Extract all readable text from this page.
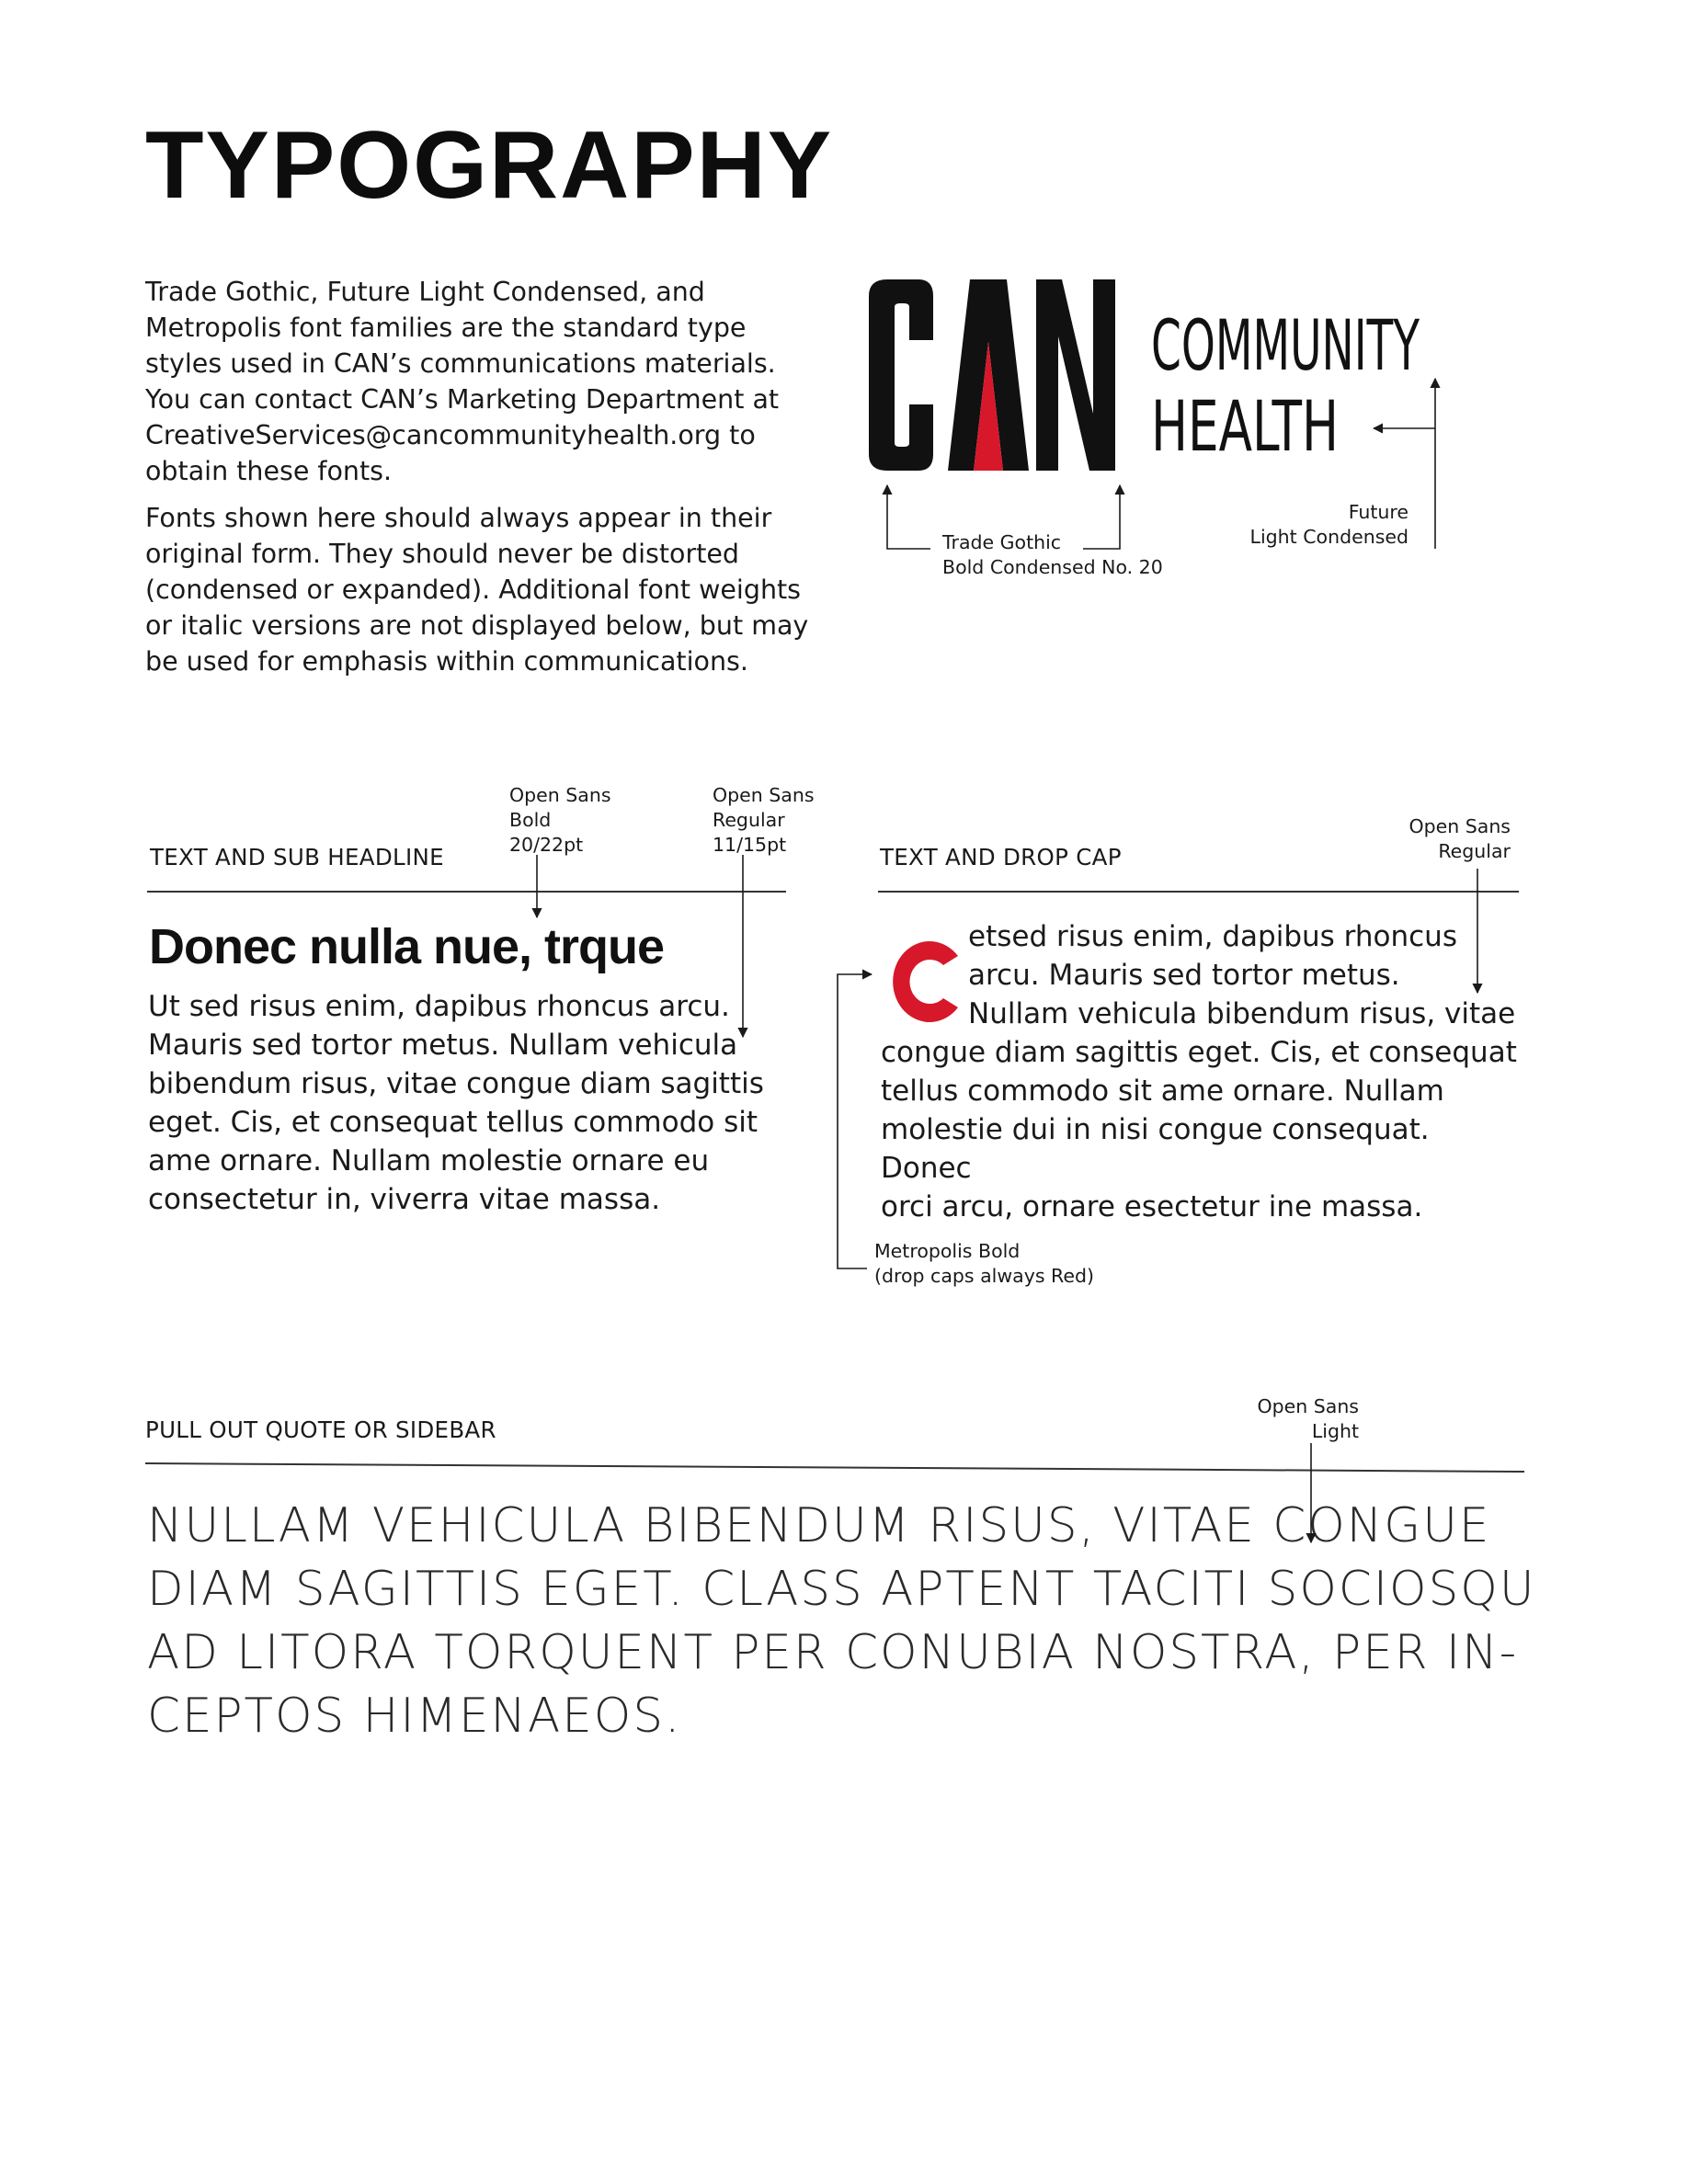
TYPOGRAPHY

Trade Gothic, Future Light Condensed, and
Metropolis font families are the standard type
styles used in CAN’s communications materials.
You can contact CAN’s Marketing Department at
CreativeServices@cancommunityhealth.org to
obtain these fonts.

Fonts shown here should always appear in their
original form. They should never be distorted
(condensed or expanded). Additional font weights
or italic versions are not displayed below, but may
be used for emphasis within communications.

COMMUNITY
HEALTH
Trade Gothic
Bold Condensed No. 20
Future
Light Condensed
Open Sans
Bold
20/22pt
Open Sans
Regular
11/15pt
TEXT AND SUB HEADLINE
Donec nulla nue, trque
Ut sed risus enim, dapibus rhoncus arcu.
Mauris sed tortor metus. Nullam vehicula
bibendum risus, vitae congue diam sagittis
eget. Cis, et consequat tellus commodo sit
ame ornare. Nullam molestie ornare eu
consectetur in, viverra vitae massa.
Open Sans
Regular
TEXT AND DROP CAP
etsed risus enim, dapibus rhoncus
arcu. Mauris sed tortor metus.
Nullam vehicula bibendum risus, vitae
congue diam sagittis eget. Cis, et consequat
tellus commodo sit ame ornare. Nullam
molestie dui in nisi congue consequat. Donec
orci arcu, ornare esectetur ine massa.
Metropolis Bold
(drop caps always Red)
Open Sans
Light
PULL OUT QUOTE OR SIDEBAR

NULLAM VEHICULA BIBENDUM RISUS, VITAE CONGUE
DIAM SAGITTIS EGET. CLASS APTENT TACITI SOCIOSQU
AD LITORA TORQUENT PER CONUBIA NOSTRA, PER IN-
CEPTOS HIMENAEOS.
